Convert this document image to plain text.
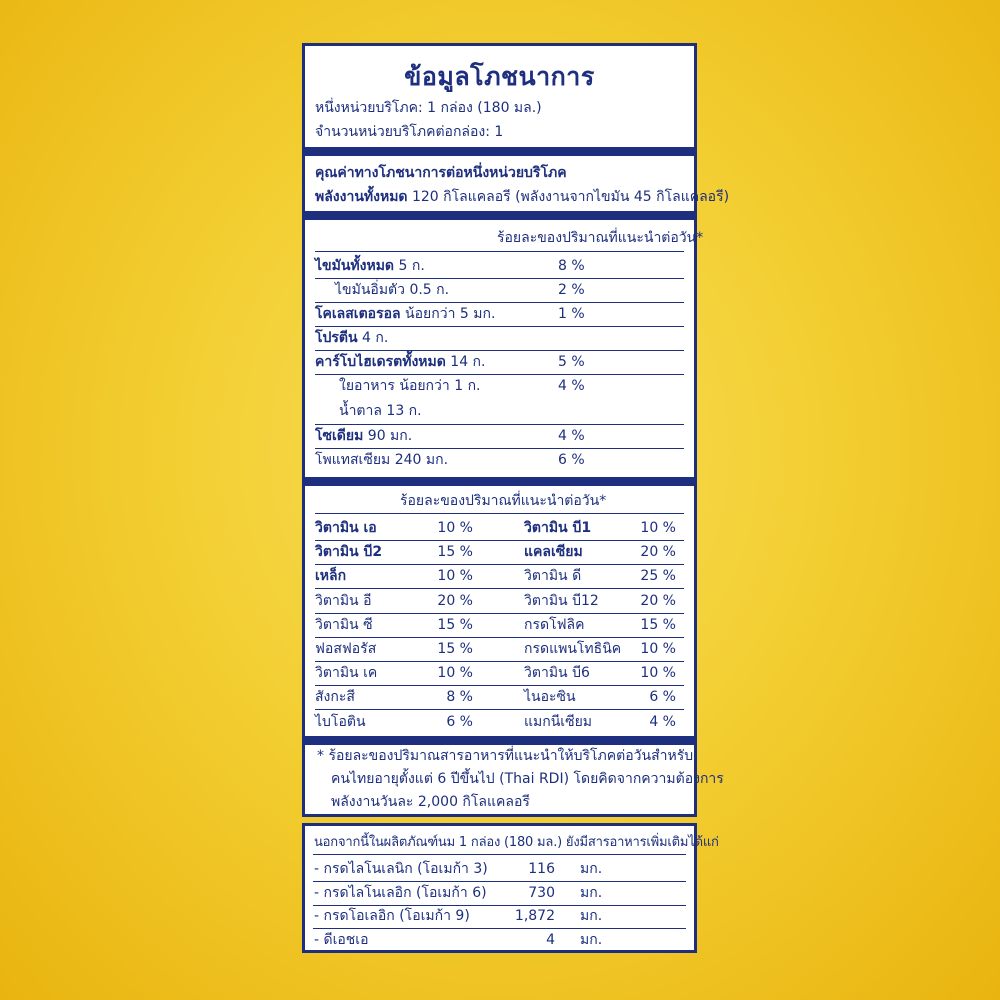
ข้อมูลโภชนาการ
หนึ่งหน่วยบริโภค: 1 กล่อง (180 มล.)
จำนวนหน่วยบริโภคต่อกล่อง: 1
คุณค่าทางโภชนาการต่อหนึ่งหน่วยบริโภค
พลังงานทั้งหมด 120 กิโลแคลอรี (พลังงานจากไขมัน 45 กิโลแคลอรี)
ร้อยละของปริมาณที่แนะนำต่อวัน*
ไขมันทั้งหมด 5 ก.	8 %
ไขมันอิ่มตัว 0.5 ก.	2 %
โคเลสเตอรอล น้อยกว่า 5 มก.	1 %
โปรตีน 4 ก.
คาร์โบไฮเดรตทั้งหมด 14 ก.	5 %
ใยอาหาร น้อยกว่า 1 ก.	4 %
น้ำตาล 13 ก.
โซเดียม 90 มก.	4 %
โพแทสเซียม 240 มก.	6 %
ร้อยละของปริมาณที่แนะนำต่อวัน*
วิตามิน เอ	10 %	วิตามิน บี1	10 %
วิตามิน บี2	15 %	แคลเซียม	20 %
เหล็ก	10 %	วิตามิน ดี	25 %
วิตามิน อี	20 %	วิตามิน บี12	20 %
วิตามิน ซี	15 %	กรดโฟลิค	15 %
ฟอสฟอรัส	15 %	กรดแพนโทธินิค	10 %
วิตามิน เค	10 %	วิตามิน บี6	10 %
สังกะสี	8 %	ไนอะซิน	6 %
ไบโอติน	6 %	แมกนีเซียม	4 %
* ร้อยละของปริมาณสารอาหารที่แนะนำให้บริโภคต่อวันสำหรับ
คนไทยอายุตั้งแต่ 6 ปีขึ้นไป (Thai RDI) โดยคิดจากความต้องการ
พลังงานวันละ 2,000 กิโลแคลอรี
นอกจากนี้ในผลิตภัณฑ์นม 1 กล่อง (180 มล.) ยังมีสารอาหารเพิ่มเติมได้แก่
- กรดไลโนเลนิก (โอเมก้า 3)	116 มก.
- กรดไลโนเลอิก (โอเมก้า 6)	730 มก.
- กรดโอเลอิก (โอเมก้า 9)	1,872 มก.
- ดีเอชเอ	4 มก.
